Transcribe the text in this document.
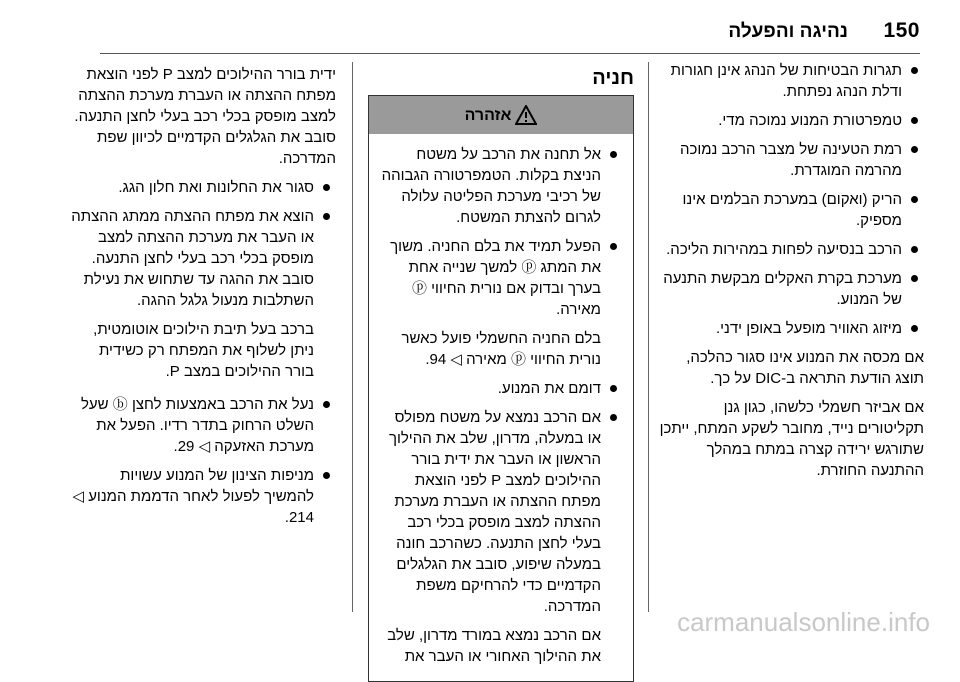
150
נהיגה והפעלה
תגרות הבטיחות של הנהג אינן חגורות ודלת הנהג נפתחת.
טמפרטורת המנוע נמוכה מדי.
רמת הטעינה של מצבר הרכב נמוכה מהרמה המוגדרת.
הריק (ואקום) במערכת הבלמים אינו מספיק.
הרכב בנסיעה לפחות במהירות הליכה.
מערכת בקרת האקלים מבקשת התנעה של המנוע.
מיזוג האוויר מופעל באופן ידני.

אם מכסה את המנוע אינו סגור כהלכה, תוצג הודעת התראה ב-DIC על כך.

אם אביזר חשמלי כלשהו, כגון גנן תקליטורים נייד, מחובר לשקע המתח, ייתכן שתורגש ירידה קצרה במתח במהלך ההתנעה החוזרת.

חניה
אזהרה
אל תחנה את הרכב על משטח הניצת בקלות. הטמפרטורה הגבוהה של רכיבי מערכת הפליטה עלולה לגרום להצתת המשטח.
הפעל תמיד את בלם החניה. משוך את המתג ⓟ למשך שנייה אחת בערך ובדוק אם נורית החיווי ⓟ מאירה.

בלם החניה החשמלי פועל כאשר נורית החיווי ⓟ מאירה ◁ 94.

דומם את המנוע.
אם הרכב נמצא על משטח מפולס או במעלה, מדרון, שלב את ההילוך הראשון או העבר את ידית בורר ההילוכים למצב P לפני הוצאת מפתח ההצתה או העברת מערכת ההצתה למצב מופסק בכלי רכב בעלי לחצן התנעה. כשהרכב חונה במעלה שיפוע, סובב את הגלגלים הקדמיים כדי להרחיקם משפת המדרכה.

אם הרכב נמצא במורד מדרון, שלב את ההילוך האחורי או העבר את

ידית בורר ההילוכים למצב P לפני הוצאת מפתח ההצתה או העברת מערכת ההצתה למצב מופסק בכלי רכב בעלי לחצן התנעה. סובב את הגלגלים הקדמיים לכיוון שפת המדרכה.

סגור את החלונות ואת חלון הגג.
הוצא את מפתח ההצתה ממתג ההצתה או העבר את מערכת ההצתה למצב מופסק בכלי רכב בעלי לחצן התנעה. סובב את ההגה עד שתחוש את נעילת השתלבות מנעול גלגל ההגה.

ברכב בעל תיבת הילוכים אוטומטית, ניתן לשלוף את המפתח רק כשידית בורר ההילוכים במצב P.

נעל את הרכב באמצעות לחצן ⓑ שעל השלט הרחוק בתדר רדיו. הפעל את מערכת האזעקה ◁ 29.
מניפות הצינון של המנוע עשויות להמשיך לפעול לאחר הדממת המנוע ◁ 214.
carmanualsonline.info
